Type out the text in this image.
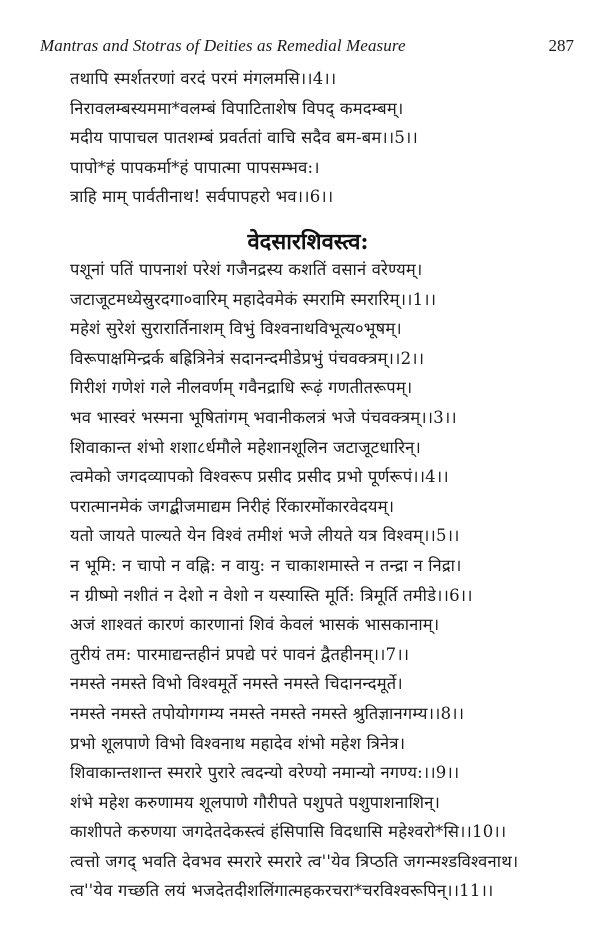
Mantras and Stotras of Deities as Remedial Measure	287
तथापि स्मर्शतरणां वरदं परमं मंगलमसि।।4।।
निरावलम्बस्यममा*वलम्बं विपाटिताशेष विपद् कमदम्बम्।
मदीय पापाचल पातशम्बं प्रवर्ततां वाचि सदैव बम-बम।।5।।
पापो*हं पापकर्मा*हं पापात्मा पापसम्भव:।
त्राहि माम् पार्वतीनाथ! सर्वपापहरो भव।।6।।
वेदसारशिवस्त्व:
पशूनां पतिं पापनाशं परेशं गजैनद्रस्य कशतिं वसानं वरेण्यम्।
जटाजूटमध्येस्रुरदगा०वारिम् महादेवमेकं स्मरामि स्मरारिम्।।1।।
महेशं सुरेशं सुरारार्तिनाशम् विभुं विश्वनाथविभूत्य०भूषम्।
विरूपाक्षमिन्द्रर्क बह्रित्रिनेत्रं सदानन्दमीडेप्रभुं पंचवक्त्रम्।।2।।
गिरीशं गणेशं गले नीलवर्णम् गवैनद्राधि रूढ़ं गणतीतरूपम्।
भव भास्वरं भस्मना भूषितांगम् भवानीकलत्रं भजे पंचवक्त्रम्।।3।।
शिवाकान्त शंभो शशा८र्धमौले महेशानशूलिन जटाजूटधारिन्।
त्वमेको जगदव्यापको विश्वरूप प्रसीद प्रसीद प्रभो पूर्णरूपं।।4।।
परात्मानमेकं जगद्बीजमाद्यम निरीहं रिंकारमोंकारवेदयम्।
यतो जायते पाल्यते येन विश्वं तमीशं भजे लीयते यत्र विश्वम्।।5।।
न भूमि: न चापो न वह्नि: न वायु: न चाकाशमास्ते न तन्द्रा न निद्रा।
न ग्रीष्मो नशीतं न देशो न वेशो न यस्यास्ति मूर्ति: त्रिमूर्ति तमीडे।।6।।
अजं शाश्वतं कारणं कारणानां शिवं केवलं भासकं भासकानाम्।
तुरीयं तम: पारमाद्यन्तहीनं प्रपद्ये परं पावनं द्वैतहीनम्।।7।।
नमस्ते नमस्ते विभो विश्वमूर्ते नमस्ते नमस्ते चिदानन्दमूर्ते।
नमस्ते नमस्ते तपोयोगगम्य नमस्ते नमस्ते नमस्ते श्रुतिज्ञानगम्य।।8।।
प्रभो शूलपाणे विभो विश्वनाथ महादेव शंभो महेश त्रिनेत्र।
शिवाकान्तशान्त स्मरारे पुरारे त्वदन्यो वरेण्यो नमान्यो नगण्य:।।9।।
शंभे महेश करुणामय शूलपाणे गौरीपते पशुपते पशुपाशनाशिन्।
काशीपते करुणया जगदेतदेकस्त्वं हंसिपासि विदधासि महेश्वरो*सि।।10।।
त्वत्तो जगद् भवति देवभव स्मरारे स्मरारे त्व''येव त्रिप्ठति जगन्मश्डविश्वनाथ।
त्व''येव गच्छति लयं भजदेतदीशलिंगात्महकरचरा*चरविश्वरूपिन्।।11।।
